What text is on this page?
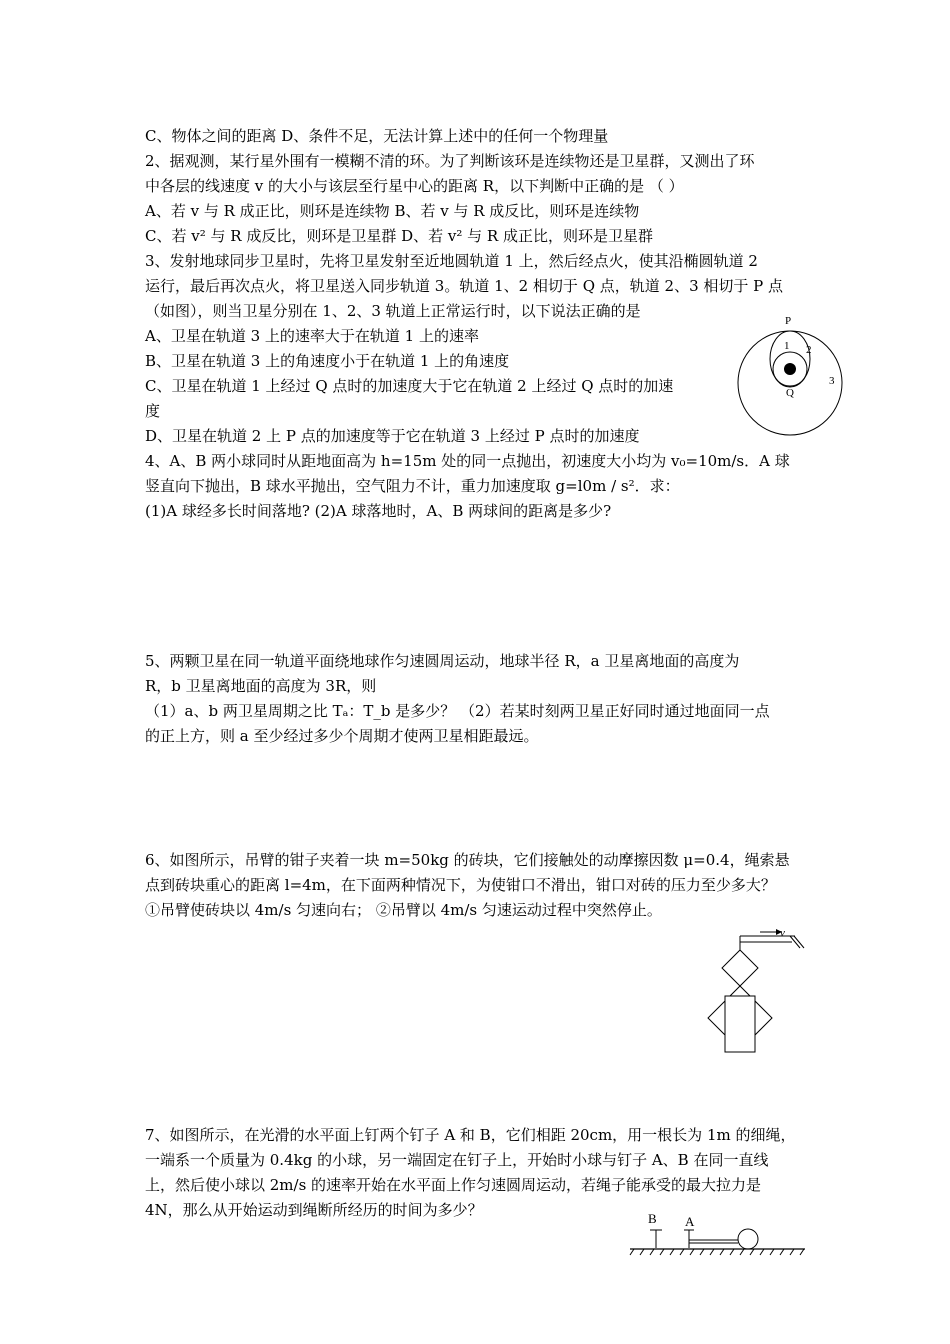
C、物体之间的距离 D、条件不足，无法计算上述中的任何一个物理量
2、据观测，某行星外围有一模糊不清的环。为了判断该环是连续物还是卫星群，又测出了环
中各层的线速度 v 的大小与该层至行星中心的距离 R，以下判断中正确的是 （ ）
A、若 v 与 R 成正比，则环是连续物 B、若 v 与 R 成反比，则环是连续物
C、若 v² 与 R 成反比，则环是卫星群 D、若 v² 与 R 成正比，则环是卫星群
3、发射地球同步卫星时，先将卫星发射至近地圆轨道 1 上，然后经点火，使其沿椭圆轨道 2
运行，最后再次点火，将卫星送入同步轨道 3。轨道 1、2 相切于 Q 点，轨道 2、3 相切于 P 点
（如图），则当卫星分别在 1、2、3 轨道上正常运行时，以下说法正确的是
A、卫星在轨道 3 上的速率大于在轨道 1 上的速率
B、卫星在轨道 3 上的角速度小于在轨道 1 上的角速度
C、卫星在轨道 1 上经过 Q 点时的加速度大于它在轨道 2 上经过 Q 点时的加速
度
D、卫星在轨道 2 上 P 点的加速度等于它在轨道 3 上经过 P 点时的加速度
4、A、B 两小球同时从距地面高为 h=15m 处的同一点抛出，初速度大小均为 v₀=10m/s．A 球
竖直向下抛出，B 球水平抛出，空气阻力不计，重力加速度取 g=l0m / s²．求：
(1)A 球经多长时间落地? (2)A 球落地时，A、B 两球间的距离是多少?
5、两颗卫星在同一轨道平面绕地球作匀速圆周运动，地球半径 R，a 卫星离地面的高度为
R，b 卫星离地面的高度为 3R，则
（1）a、b 两卫星周期之比 Tₐ：T_b 是多少？ （2）若某时刻两卫星正好同时通过地面同一点
的正上方，则 a 至少经过多少个周期才使两卫星相距最远。
6、如图所示，吊臂的钳子夹着一块 m=50kg 的砖块，它们接触处的动摩擦因数 μ=0.4，绳索悬
点到砖块重心的距离 l=4m，在下面两种情况下，为使钳口不滑出，钳口对砖的压力至少多大？
①吊臂使砖块以 4m/s 匀速向右； ②吊臂以 4m/s 匀速运动过程中突然停止。
7、如图所示，在光滑的水平面上钉两个钉子 A 和 B，它们相距 20cm，用一根长为 1m 的细绳，
一端系一个质量为 0.4kg 的小球，另一端固定在钉子上，开始时小球与钉子 A、B 在同一直线
上，然后使小球以 2m/s 的速率开始在水平面上作匀速圆周运动，若绳子能承受的最大拉力是
4N，那么从开始运动到绳断所经历的时间为多少？
P
1 2
3
Q
v
B A
